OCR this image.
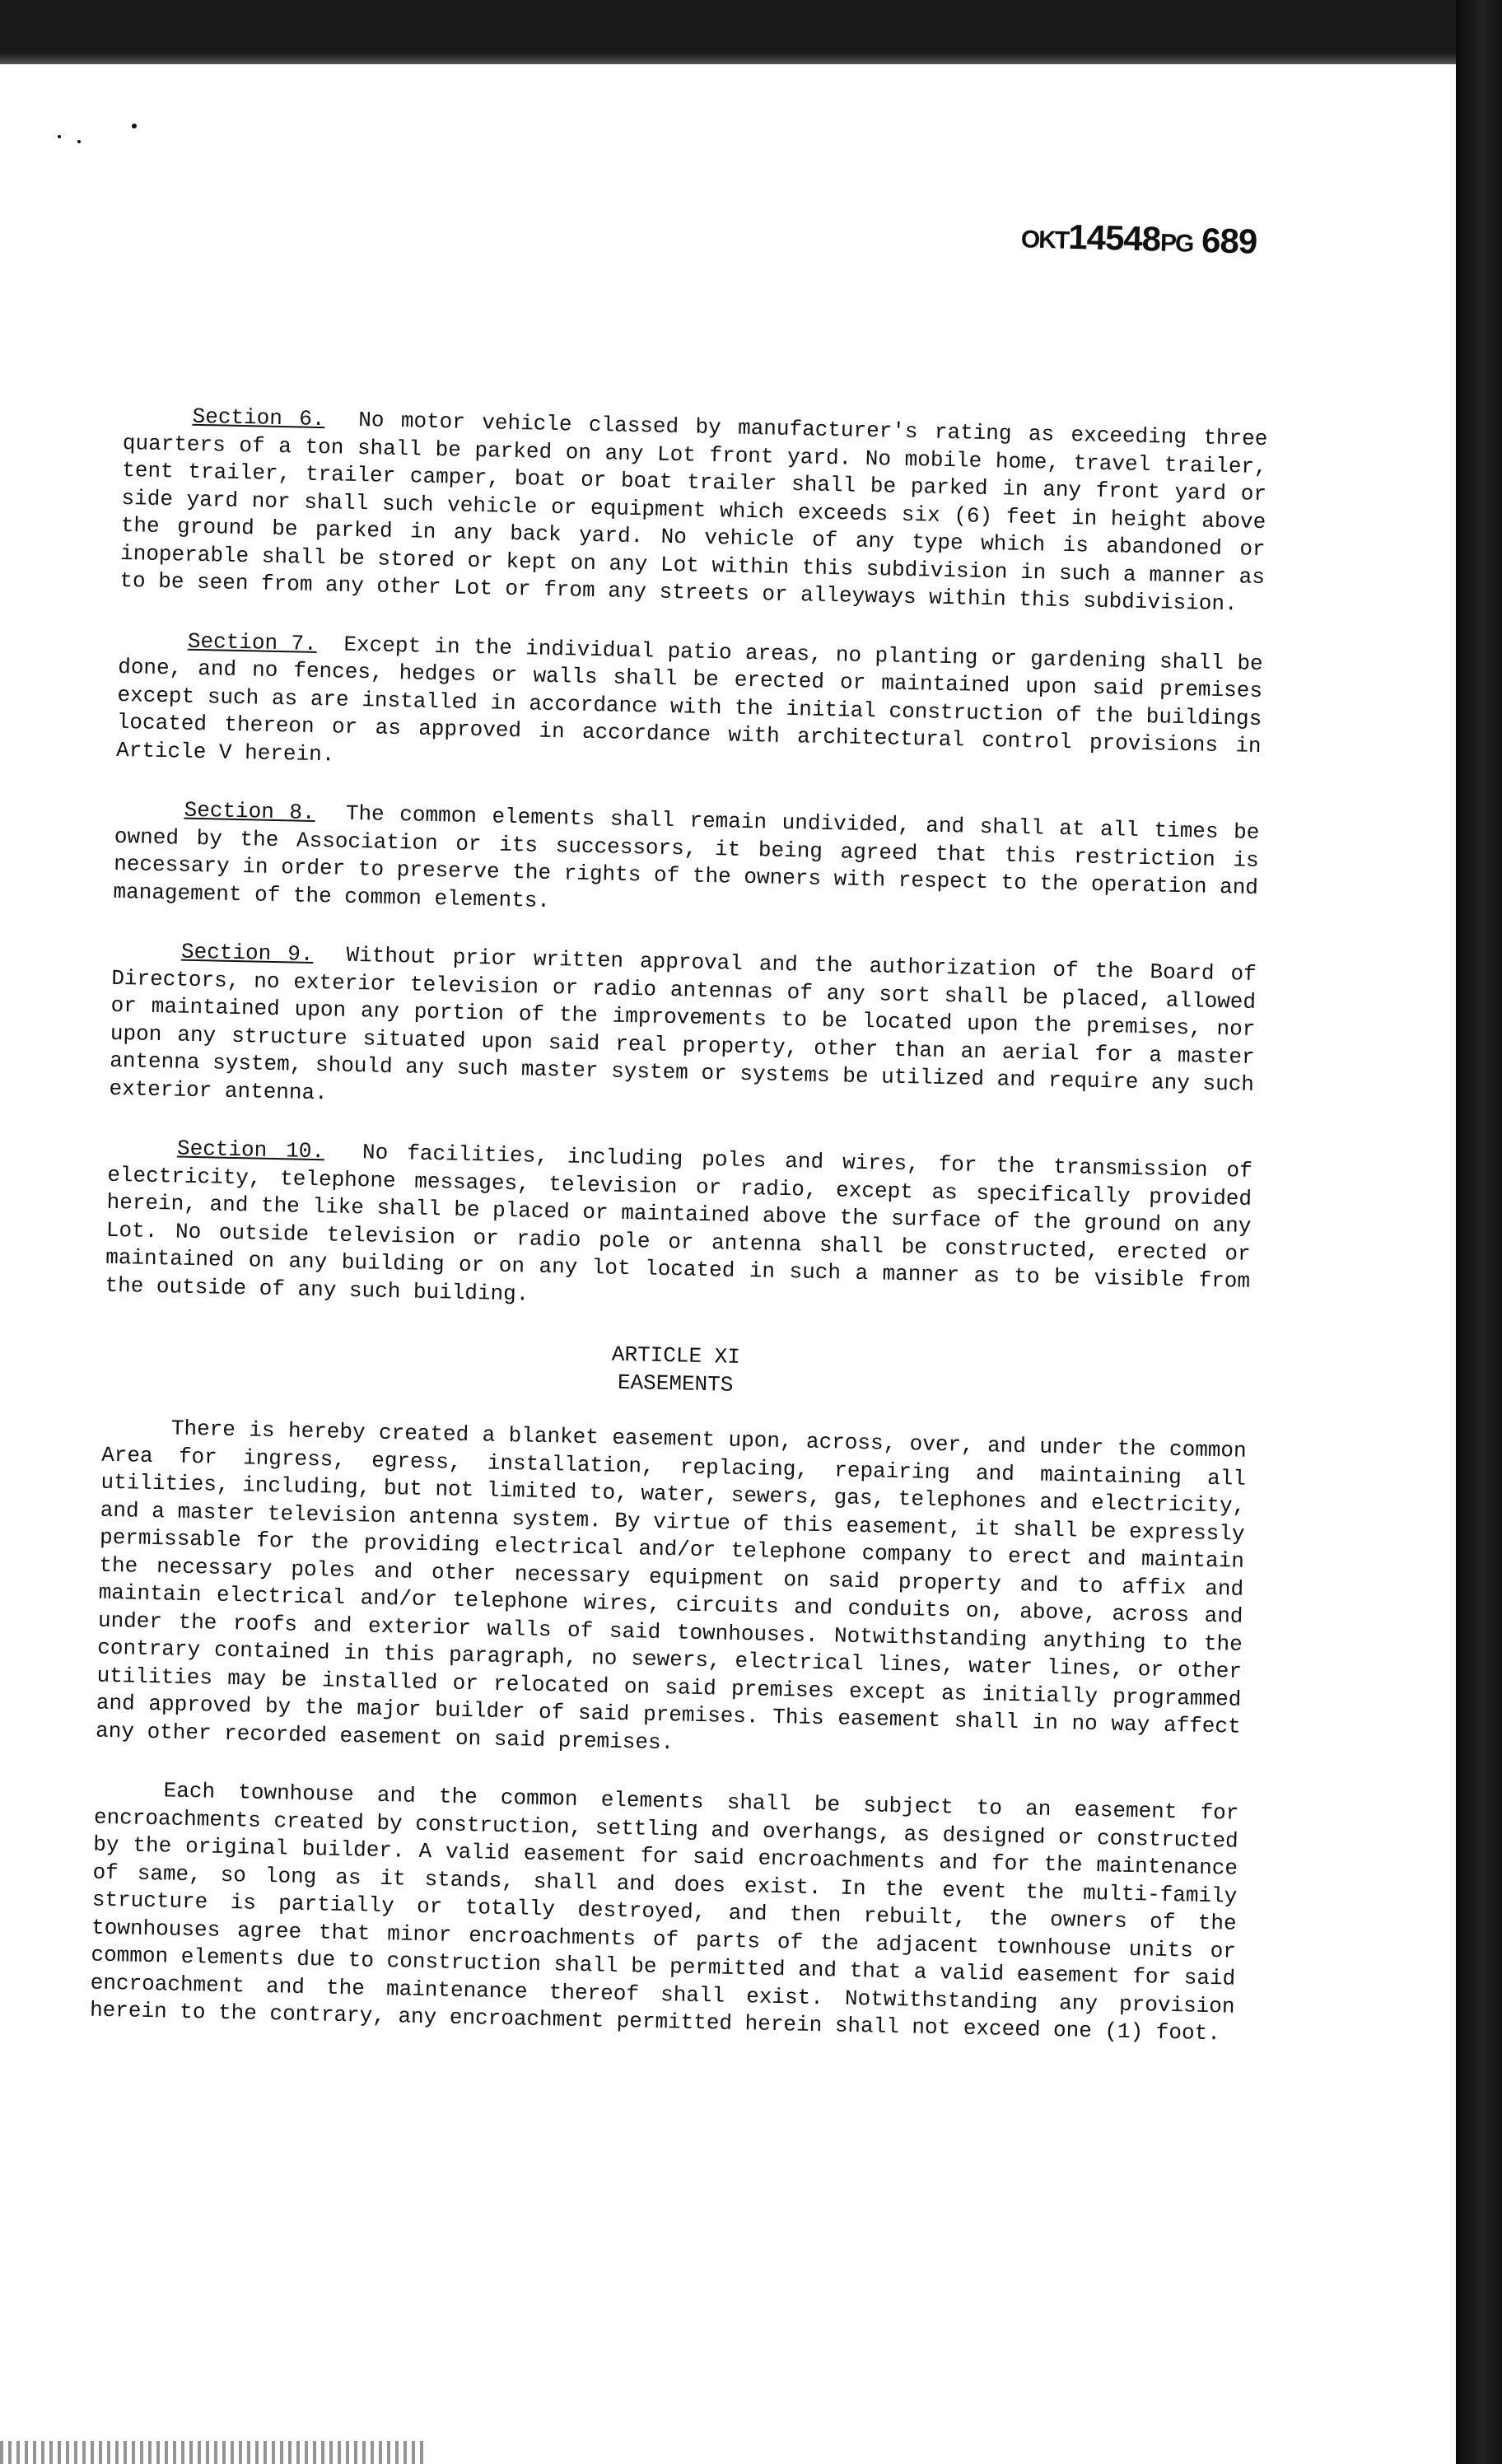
OKT14548PG 689

Section 6. No motor vehicle classed by manufacturer's rating as exceeding three quarters of a ton shall be parked on any Lot front yard. No mobile home, travel trailer, tent trailer, trailer camper, boat or boat trailer shall be parked in any front yard or side yard nor shall such vehicle or equipment which exceeds six (6) feet in height above the ground be parked in any back yard. No vehicle of any type which is abandoned or inoperable shall be stored or kept on any Lot within this subdivision in such a manner as to be seen from any other Lot or from any streets or alleyways within this subdivision.

Section 7. Except in the individual patio areas, no planting or gardening shall be done, and no fences, hedges or walls shall be erected or maintained upon said premises except such as are installed in accordance with the initial construction of the buildings located thereon or as approved in accordance with architectural control provisions in Article V herein.

Section 8. The common elements shall remain undivided, and shall at all times be owned by the Association or its successors, it being agreed that this restriction is necessary in order to preserve the rights of the owners with respect to the operation and management of the common elements.

Section 9. Without prior written approval and the authorization of the Board of Directors, no exterior television or radio antennas of any sort shall be placed, allowed or maintained upon any portion of the improvements to be located upon the premises, nor upon any structure situated upon said real property, other than an aerial for a master antenna system, should any such master system or systems be utilized and require any such exterior antenna.

Section 10. No facilities, including poles and wires, for the transmission of electricity, telephone messages, television or radio, except as specifically provided herein, and the like shall be placed or maintained above the surface of the ground on any Lot. No outside television or radio pole or antenna shall be constructed, erected or maintained on any building or on any lot located in such a manner as to be visible from the outside of any such building.

ARTICLE XI
EASEMENTS

There is hereby created a blanket easement upon, across, over, and under the common Area for ingress, egress, installation, replacing, repairing and maintaining all utilities, including, but not limited to, water, sewers, gas, telephones and electricity, and a master television antenna system. By virtue of this easement, it shall be expressly permissable for the providing electrical and/or telephone company to erect and maintain the necessary poles and other necessary equipment on said property and to affix and maintain electrical and/or telephone wires, circuits and conduits on, above, across and under the roofs and exterior walls of said townhouses. Notwithstanding anything to the contrary contained in this paragraph, no sewers, electrical lines, water lines, or other utilities may be installed or relocated on said premises except as initially programmed and approved by the major builder of said premises. This easement shall in no way affect any other recorded easement on said premises.

Each townhouse and the common elements shall be subject to an easement for encroachments created by construction, settling and overhangs, as designed or constructed by the original builder. A valid easement for said encroachments and for the maintenance of same, so long as it stands, shall and does exist. In the event the multi-family structure is partially or totally destroyed, and then rebuilt, the owners of the townhouses agree that minor encroachments of parts of the adjacent townhouse units or common elements due to construction shall be permitted and that a valid easement for said encroachment and the maintenance thereof shall exist. Notwithstanding any provision herein to the contrary, any encroachment permitted herein shall not exceed one (1) foot.
